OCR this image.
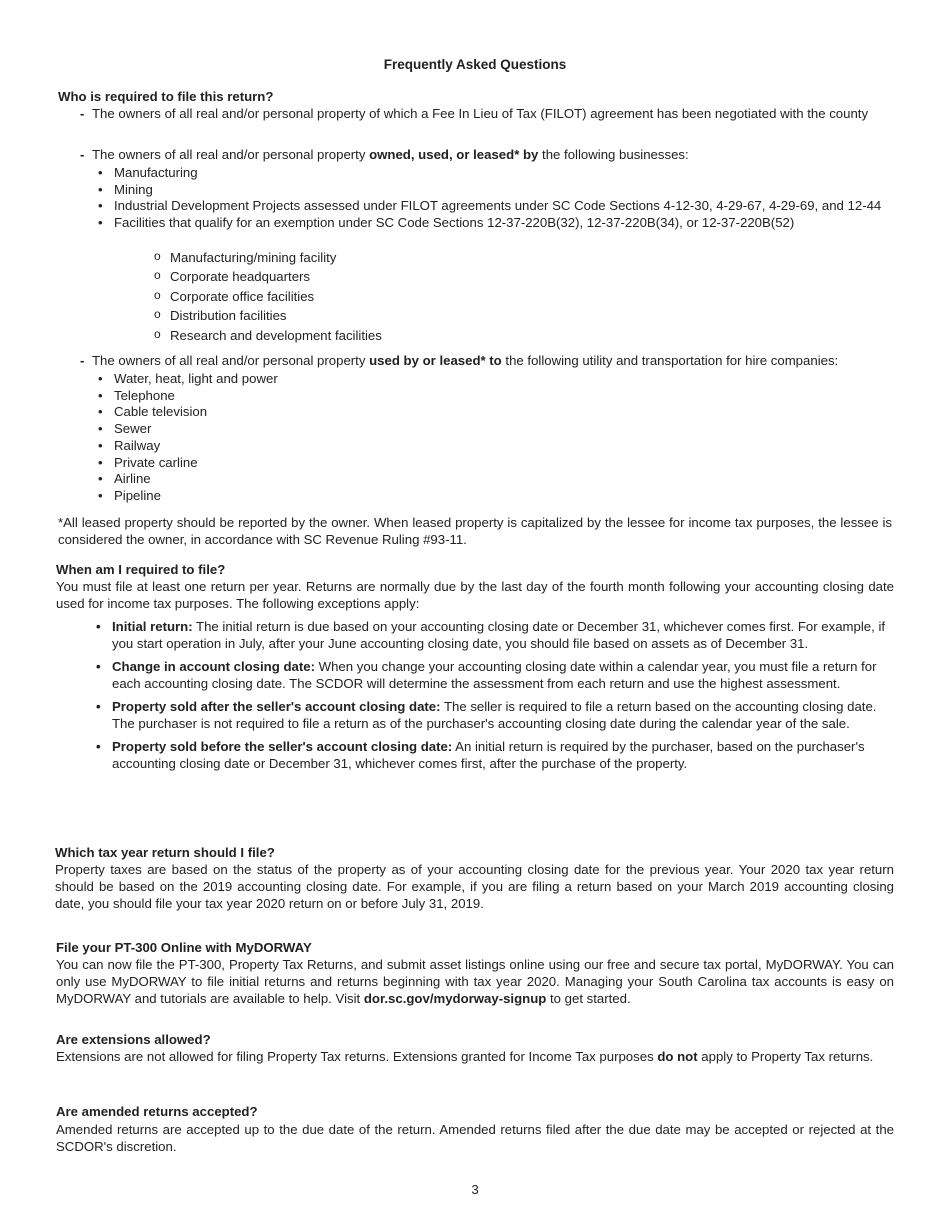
Frequently Asked Questions
Who is required to file this return?
- The owners of all real and/or personal property of which a Fee In Lieu of Tax (FILOT) agreement has been negotiated with the county
- The owners of all real and/or personal property owned, used, or leased* by the following businesses:
• Manufacturing
• Mining
• Industrial Development Projects assessed under FILOT agreements under SC Code Sections 4-12-30, 4-29-67, 4-29-69, and 12-44
• Facilities that qualify for an exemption under SC Code Sections 12-37-220B(32), 12-37-220B(34), or 12-37-220B(52)
o Manufacturing/mining facility
o Corporate headquarters
o Corporate office facilities
o Distribution facilities
o Research and development facilities
- The owners of all real and/or personal property used by or leased* to the following utility and transportation for hire companies:
• Water, heat, light and power
• Telephone
• Cable television
• Sewer
• Railway
• Private carline
• Airline
• Pipeline

*All leased property should be reported by the owner. When leased property is capitalized by the lessee for income tax purposes, the lessee is considered the owner, in accordance with SC Revenue Ruling #93-11.

When am I required to file?

You must file at least one return per year. Returns are normally due by the last day of the fourth month following your accounting closing date used for income tax purposes. The following exceptions apply:

• Initial return: The initial return is due based on your accounting closing date or December 31, whichever comes first. For example, if you start operation in July, after your June accounting closing date, you should file based on assets as of December 31.
• Change in account closing date: When you change your accounting closing date within a calendar year, you must file a return for each accounting closing date. The SCDOR will determine the assessment from each return and use the highest assessment.
• Property sold after the seller's account closing date: The seller is required to file a return based on the accounting closing date. The purchaser is not required to file a return as of the purchaser's accounting closing date during the calendar year of the sale.
• Property sold before the seller's account closing date: An initial return is required by the purchaser, based on the purchaser's accounting closing date or December 31, whichever comes first, after the purchase of the property.
Which tax year return should I file?

Property taxes are based on the status of the property as of your accounting closing date for the previous year. Your 2020 tax year return should be based on the 2019 accounting closing date. For example, if you are filing a return based on your March 2019 accounting closing date, you should file your tax year 2020 return on or before July 31, 2019.

File your PT-300 Online with MyDORWAY

You can now file the PT-300, Property Tax Returns, and submit asset listings online using our free and secure tax portal, MyDORWAY. You can only use MyDORWAY to file initial returns and returns beginning with tax year 2020. Managing your South Carolina tax accounts is easy on MyDORWAY and tutorials are available to help. Visit dor.sc.gov/mydorway-signup to get started.

Are extensions allowed?

Extensions are not allowed for filing Property Tax returns. Extensions granted for Income Tax purposes do not apply to Property Tax returns.

Are amended returns accepted?

Amended returns are accepted up to the due date of the return. Amended returns filed after the due date may be accepted or rejected at the SCDOR's discretion.

3
